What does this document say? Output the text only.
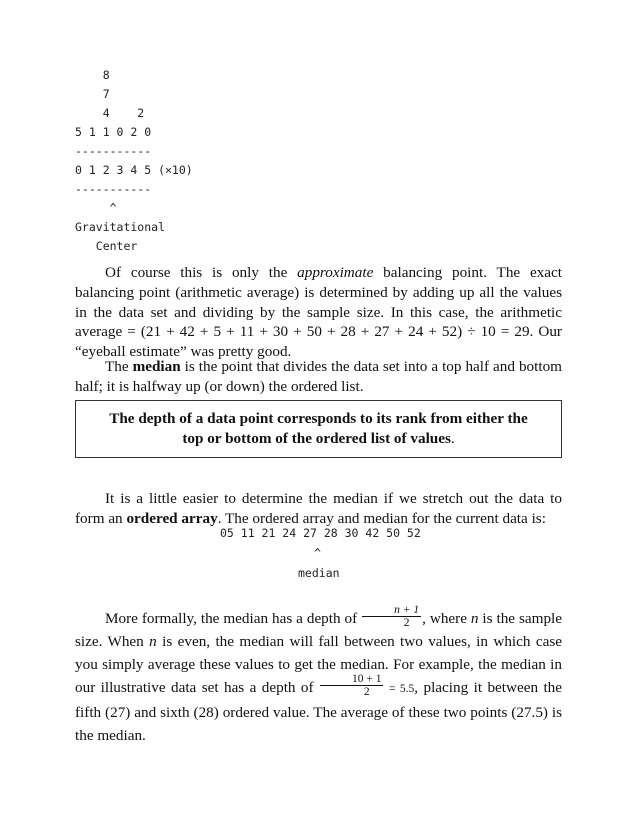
8
7
4    2
5 1 1 0 2 0
-----------
0 1 2 3 4 5 (×10)
-----------
^
Gravitational
Center

Of course this is only the approximate balancing point. The exact balancing point (arithmetic average) is determined by adding up all the values in the data set and dividing by the sample size. In this case, the arithmetic average = (21 + 42 + 5 + 11 + 30 + 50 + 28 + 27 + 24 + 52) ÷ 10 = 29. Our “eyeball estimate” was pretty good.

The median is the point that divides the data set into a top half and bottom half; it is halfway up (or down) the ordered list.

The depth of a data point corresponds to its rank from either the
top or bottom of the ordered list of values.

It is a little easier to determine the median if we stretch out the data to form an ordered array. The ordered array and median for the current data is:

05 11 21 24 27 28 30 42 50 52
^
median

More formally, the median has a depth of $\frac{n + 1}{2}$ , where n is the sample size. When n is even, the median will fall between two values, in which case you simply average these values to get the median. For example, the median in our illustrative data set has a depth of $\frac{10 + 1}{2} = 5.5$, placing it between the fifth (27) and sixth (28) ordered value. The average of these two points (27.5) is the median.
